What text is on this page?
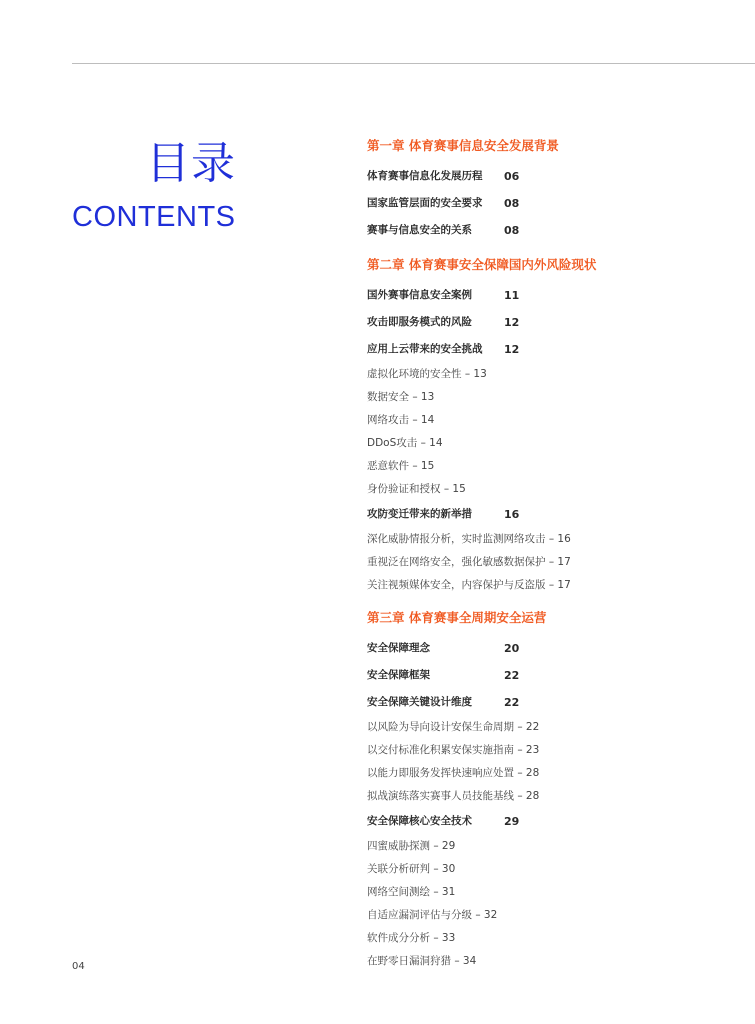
目录
CONTENTS
第一章 体育赛事信息安全发展背景
体育赛事信息化发展历程	06
国家监管层面的安全要求	08
赛事与信息安全的关系	08
第二章 体育赛事安全保障国内外风险现状
国外赛事信息安全案例	11
攻击即服务模式的风险	12
应用上云带来的安全挑战	12
虚拟化环境的安全性 – 13
数据安全 – 13
网络攻击 – 14
DDoS攻击 – 14
恶意软件 – 15
身份验证和授权 – 15
攻防变迁带来的新举措	16
深化威胁情报分析，实时监测网络攻击 – 16
重视泛在网络安全，强化敏感数据保护 – 17
关注视频媒体安全，内容保护与反盗版 – 17
第三章 体育赛事全周期安全运营
安全保障理念	20
安全保障框架	22
安全保障关键设计维度	22
以风险为导向设计安保生命周期 – 22
以交付标准化积累安保实施指南 – 23
以能力即服务发挥快速响应处置 – 28
拟战演练落实赛事人员技能基线 – 28
安全保障核心安全技术	29
四蜜威胁探测 – 29
关联分析研判 – 30
网络空间测绘 – 31
自适应漏洞评估与分级 – 32
软件成分分析 – 33
在野零日漏洞狩猎 – 34
04
